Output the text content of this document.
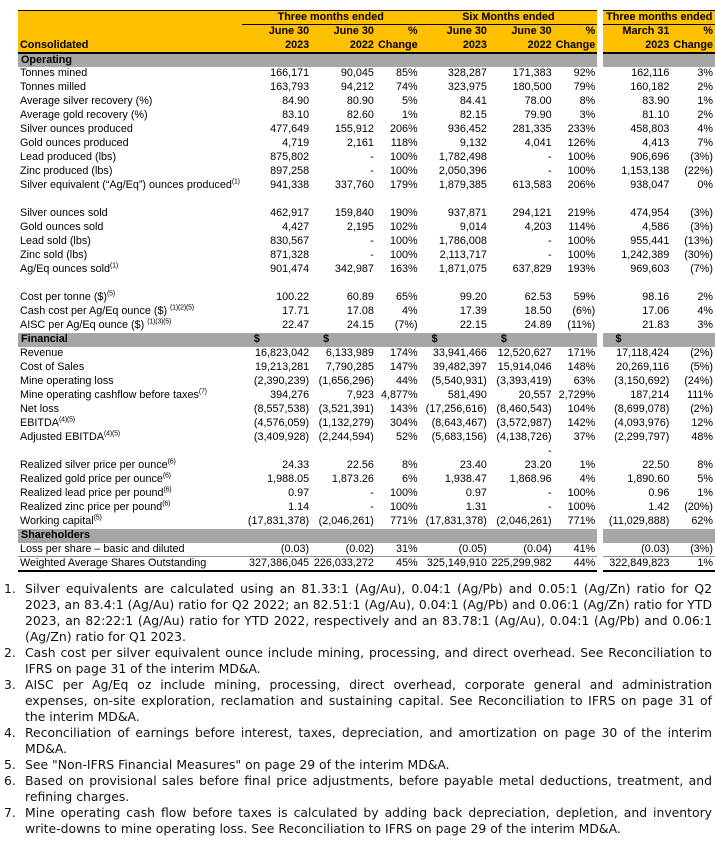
	Three months ended			Six Months ended				Three months ended	
	June 30	June 30	%	June 30	June 30	%		March 31	%
Consolidated	2023	2022	Change	2023	2022	Change		2023	Change
Operating									
Tonnes mined	166,171	90,045	85%	328,287	171,383	92%		162,116	3%
Tonnes milled	163,793	94,212	74%	323,975	180,500	79%		160,182	2%
Average silver recovery (%)	84.90	80.90	5%	84.41	78.00	8%		83.90	1%
Average gold recovery (%)	83.10	82.60	1%	82.15	79.90	3%		81.10	2%
Silver ounces produced	477,649	155,912	206%	936,452	281,335	233%		458,803	4%
Gold ounces produced	4,719	2,161	118%	9,132	4,041	126%		4,413	7%
Lead produced (lbs)	875,802	-	100%	1,782,498	-	100%		906,696	(3%)
Zinc produced (lbs)	897,258	-	100%	2,050,396	-	100%		1,153,138	(22%)
Silver equivalent (“Ag/Eq”) ounces produced$^{(1)}$	941,338	337,760	179%	1,879,385	613,583	206%		938,047	0%

Silver ounces sold	462,917	159,840	190%	937,871	294,121	219%		474,954	(3%)
Gold ounces sold	4,427	2,195	102%	9,014	4,203	114%		4,586	(3%)
Lead sold (lbs)	830,567	-	100%	1,786,008	-	100%		955,441	(13%)
Zinc sold (lbs)	871,328	-	100%	2,113,717	-	100%		1,242,389	(30%)
Ag/Eq ounces sold$^{(1)}$	901,474	342,987	163%	1,871,075	637,829	193%		969,603	(7%)

Cost per tonne ($)$^{(5)}$	100.22	60.89	65%	99.20	62.53	59%		98.16	2%
Cash cost per Ag/Eq ounce ($) $^{(1)(2)(5)}$	17.71	17.08	4%	17.39	18.50	(6%)		17.06	4%
AISC per Ag/Eq ounce ($) $^{(1)(3)(5)}$	22.47	24.15	(7%)	22.15	24.89	(11%)		21.83	3%
Financial	$	$		$	$			$	
Revenue	16,823,042	6,133,989	174%	33,941,466	12,520,627	171%		17,118,424	(2%)
Cost of Sales	19,213,281	7,790,285	147%	39,482,397	15,914,046	148%		20,269,116	(5%)
Mine operating loss	(2,390,239)	(1,656,296)	44%	(5,540,931)	(3,393,419)	63%		(3,150,692)	(24%)
Mine operating cashflow before taxes$^{(7)}$	394,276	7,923	4,877%	581,490	20,557	2,729%		187,214	111%
Net loss	(8,557,538)	(3,521,391)	143%	(17,256,616)	(8,460,543)	104%		(8,699,078)	(2%)
$EBITDA^{(4)(5)}$	(4,576,059)	(1,132,279)	304%	(8,643,467)	(3,572,987)	142%		(4,093,976)	12%
Adjusted $EBITDA^{(4)(5)}$	(3,409,928)	(2,244,594)	52%	(5,683,156)	(4,138,726)	37%		(2,299,797)	48%
					-				
Realized silver price per ounce$^{(6)}$	24.33	22.56	8%	23.40	23.20	1%		22.50	8%
Realized gold price per ounce$^{(6)}$	1,988.05	1,873.26	6%	1,938.47	1,868.96	4%		1,890.60	5%
Realized lead price per pound$^{(6)}$	0.97	-	100%	0.97	-	100%		0.96	1%
Realized zinc price per pound$^{(6)}$	1.14	-	100%	1.31	-	100%		1.42	(20%)
Working capital$^{(5)}$	(17,831,378)	(2,046,261)	771%	(17,831,378)	(2,046,261)	771%		(11,029,888)	62%
Shareholders									
Loss per share – basic and diluted	(0.03)	(0.02)	31%	(0.05)	(0.04)	41%		(0.03)	(3%)
Weighted Average Shares Outstanding	327,386,045	226,033,272	45%	325,149,910	225,299,982	44%		322,849,823	1%
1. Silver equivalents are calculated using an 81.33:1 (Ag/Au), 0.04:1 (Ag/Pb) and 0.05:1 (Ag/Zn) ratio for Q2 2023, an 83.4:1 (Ag/Au) ratio for Q2 2022; an 82.51:1 (Ag/Au), 0.04:1 (Ag/Pb) and 0.06:1 (Ag/Zn) ratio for YTD 2023, an 82:22:1 (Ag/Au) ratio for YTD 2022, respectively and an 83.78:1 (Ag/Au), 0.04:1 (Ag/Pb) and 0.06:1 (Ag/Zn) ratio for Q1 2023.
2. Cash cost per silver equivalent ounce include mining, processing, and direct overhead. See Reconciliation to IFRS on page 31 of the interim MD&A.
3. AISC per Ag/Eq oz include mining, processing, direct overhead, corporate general and administration expenses, on-site exploration, reclamation and sustaining capital. See Reconciliation to IFRS on page 31 of the interim MD&A.
4. Reconciliation of earnings before interest, taxes, depreciation, and amortization on page 30 of the interim MD&A.
5. See "Non-IFRS Financial Measures" on page 29 of the interim MD&A.
6. Based on provisional sales before final price adjustments, before payable metal deductions, treatment, and refining charges.
7. Mine operating cash flow before taxes is calculated by adding back depreciation, depletion, and inventory write-downs to mine operating loss. See Reconciliation to IFRS on page 29 of the interim MD&A.
